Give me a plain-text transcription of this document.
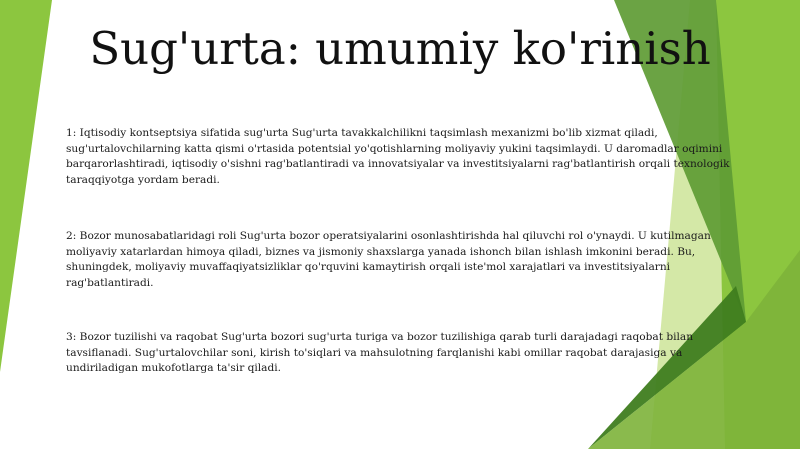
Sug'urta: umumiy ko'rinish

1: Iqtisodiy kontseptsiya sifatida sug'urta Sug'urta tavakkalchilikni taqsimlash mexanizmi bo'lib xizmat qiladi, sug'urtalovchilarning katta qismi o'rtasida potentsial yo'qotishlarning moliyaviy yukini taqsimlaydi. U daromadlar oqimini barqarorlashtiradi, iqtisodiy o'sishni rag'batlantiradi va innovatsiyalar va investitsiyalarni rag'batlantirish orqali texnologik taraqqiyotga yordam beradi.

2: Bozor munosabatlaridagi roli Sug'urta bozor operatsiyalarini osonlashtirishda hal qiluvchi rol o'ynaydi. U kutilmagan moliyaviy xatarlardan himoya qiladi, biznes va jismoniy shaxslarga yanada ishonch bilan ishlash imkonini beradi. Bu, shuningdek, moliyaviy muvaffaqiyatsizliklar qo'rquvini kamaytirish orqali iste'mol xarajatlari va investitsiyalarni rag'batlantiradi.

3: Bozor tuzilishi va raqobat Sug'urta bozori sug'urta turiga va bozor tuzilishiga qarab turli darajadagi raqobat bilan tavsiflanadi. Sug'urtalovchilar soni, kirish to'siqlari va mahsulotning farqlanishi kabi omillar raqobat darajasiga va undiriladigan mukofotlarga ta'sir qiladi.
